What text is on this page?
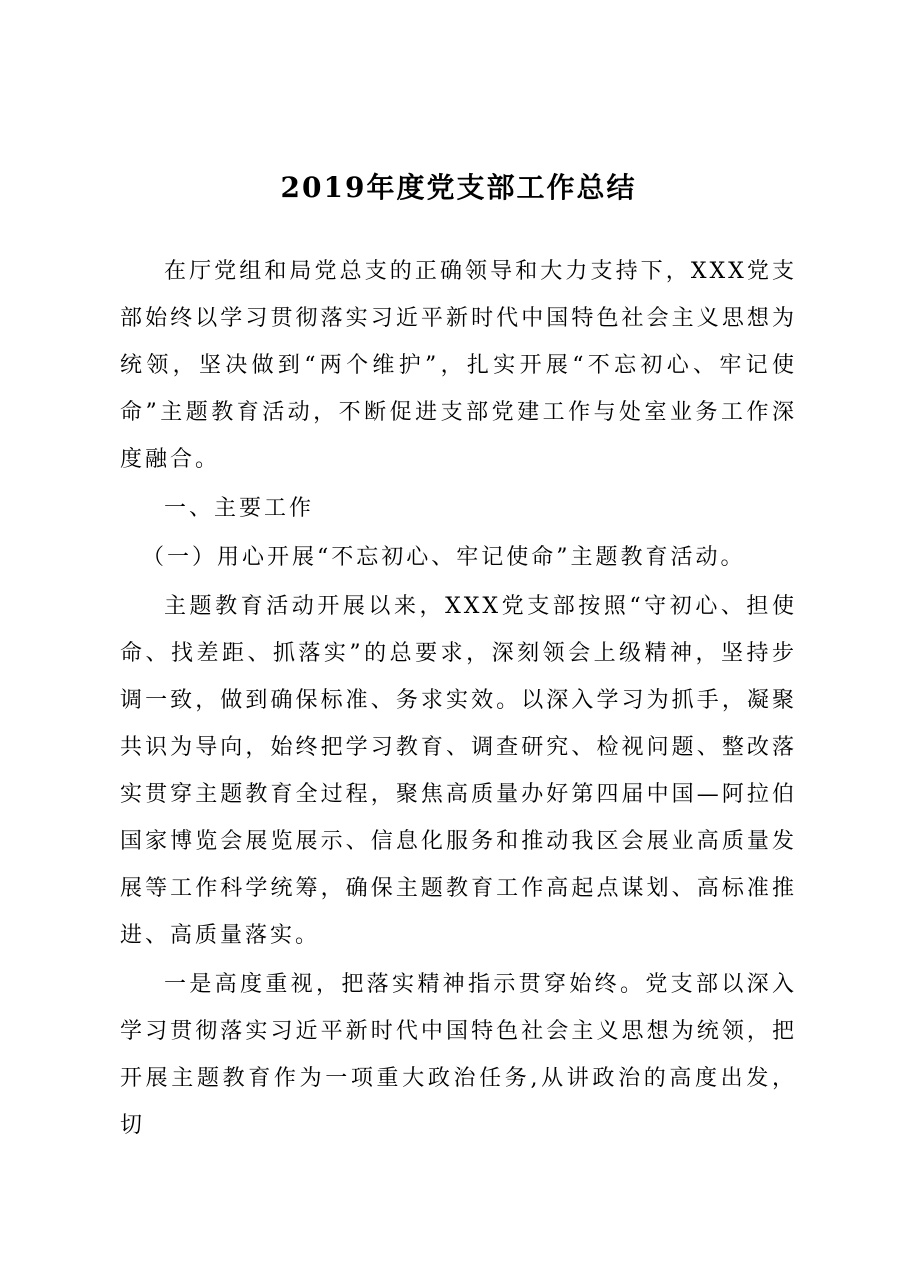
2019年度党支部工作总结

在厅党组和局党总支的正确领导和大力支持下，XXX党支部始终以学习贯彻落实习近平新时代中国特色社会主义思想为统领，坚决做到“两个维护”，扎实开展“不忘初心、牢记使命”主题教育活动，不断促进支部党建工作与处室业务工作深度融合。

一、主要工作

（一）用心开展“不忘初心、牢记使命”主题教育活动。

主题教育活动开展以来，XXX党支部按照“守初心、担使命、找差距、抓落实”的总要求，深刻领会上级精神，坚持步调一致，做到确保标准、务求实效。以深入学习为抓手，凝聚共识为导向，始终把学习教育、调查研究、检视问题、整改落实贯穿主题教育全过程，聚焦高质量办好第四届中国—阿拉伯国家博览会展览展示、信息化服务和推动我区会展业高质量发展等工作科学统筹，确保主题教育工作高起点谋划、高标准推进、高质量落实。

一是高度重视，把落实精神指示贯穿始终。党支部以深入学习贯彻落实习近平新时代中国特色社会主义思想为统领，把开展主题教育作为一项重大政治任务,从讲政治的高度出发，切
